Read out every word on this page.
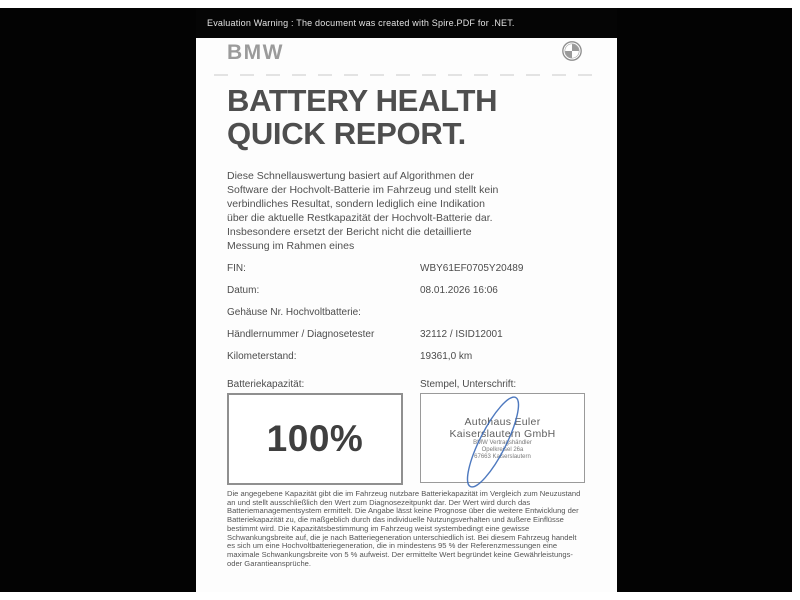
Evaluation Warning : The document was created with Spire.PDF for .NET.
BMW
BATTERY HEALTH
QUICK REPORT.
Diese Schnellauswertung basiert auf Algorithmen der Software der Hochvolt-Batterie im Fahrzeug und stellt kein verbindliches Resultat, sondern lediglich eine Indikation über die aktuelle Restkapazität der Hochvolt-Batterie dar. Insbesondere ersetzt der Bericht nicht die detaillierte Messung im Rahmen eines
FIN:	WBY61EF0705Y20489
Datum:	08.01.2026 16:06
Gehäuse Nr. Hochvoltbatterie:
Händlernummer / Diagnosetester	32112 / ISID12001
Kilometerstand:	19361,0 km
Batteriekapazität:	Stempel, Unterschrift:
100%	Autohaus Euler
Kaiserslautern GmbH
BMW Vertragshändler
Opelkreisel 26a
67663 Kaiserslautern
Die angegebene Kapazität gibt die im Fahrzeug nutzbare Batteriekapazität im Vergleich zum Neuzustand an und stellt ausschließlich den Wert zum Diagnosezeitpunkt dar. Der Wert wird durch das Batteriemanagementsystem ermittelt. Die Angabe lässt keine Prognose über die weitere Entwicklung der Batteriekapazität zu, die maßgeblich durch das individuelle Nutzungsverhalten und äußere Einflüsse bestimmt wird. Die Kapazitätsbestimmung im Fahrzeug weist systembedingt eine gewisse Schwankungsbreite auf, die je nach Batteriegeneration unterschiedlich ist. Bei diesem Fahrzeug handelt es sich um eine Hochvoltbatteriegeneration, die in mindestens 95 % der Referenzmessungen eine maximale Schwankungsbreite von 5 % aufweist. Der ermittelte Wert begründet keine Gewährleistungs- oder Garantieansprüche.
